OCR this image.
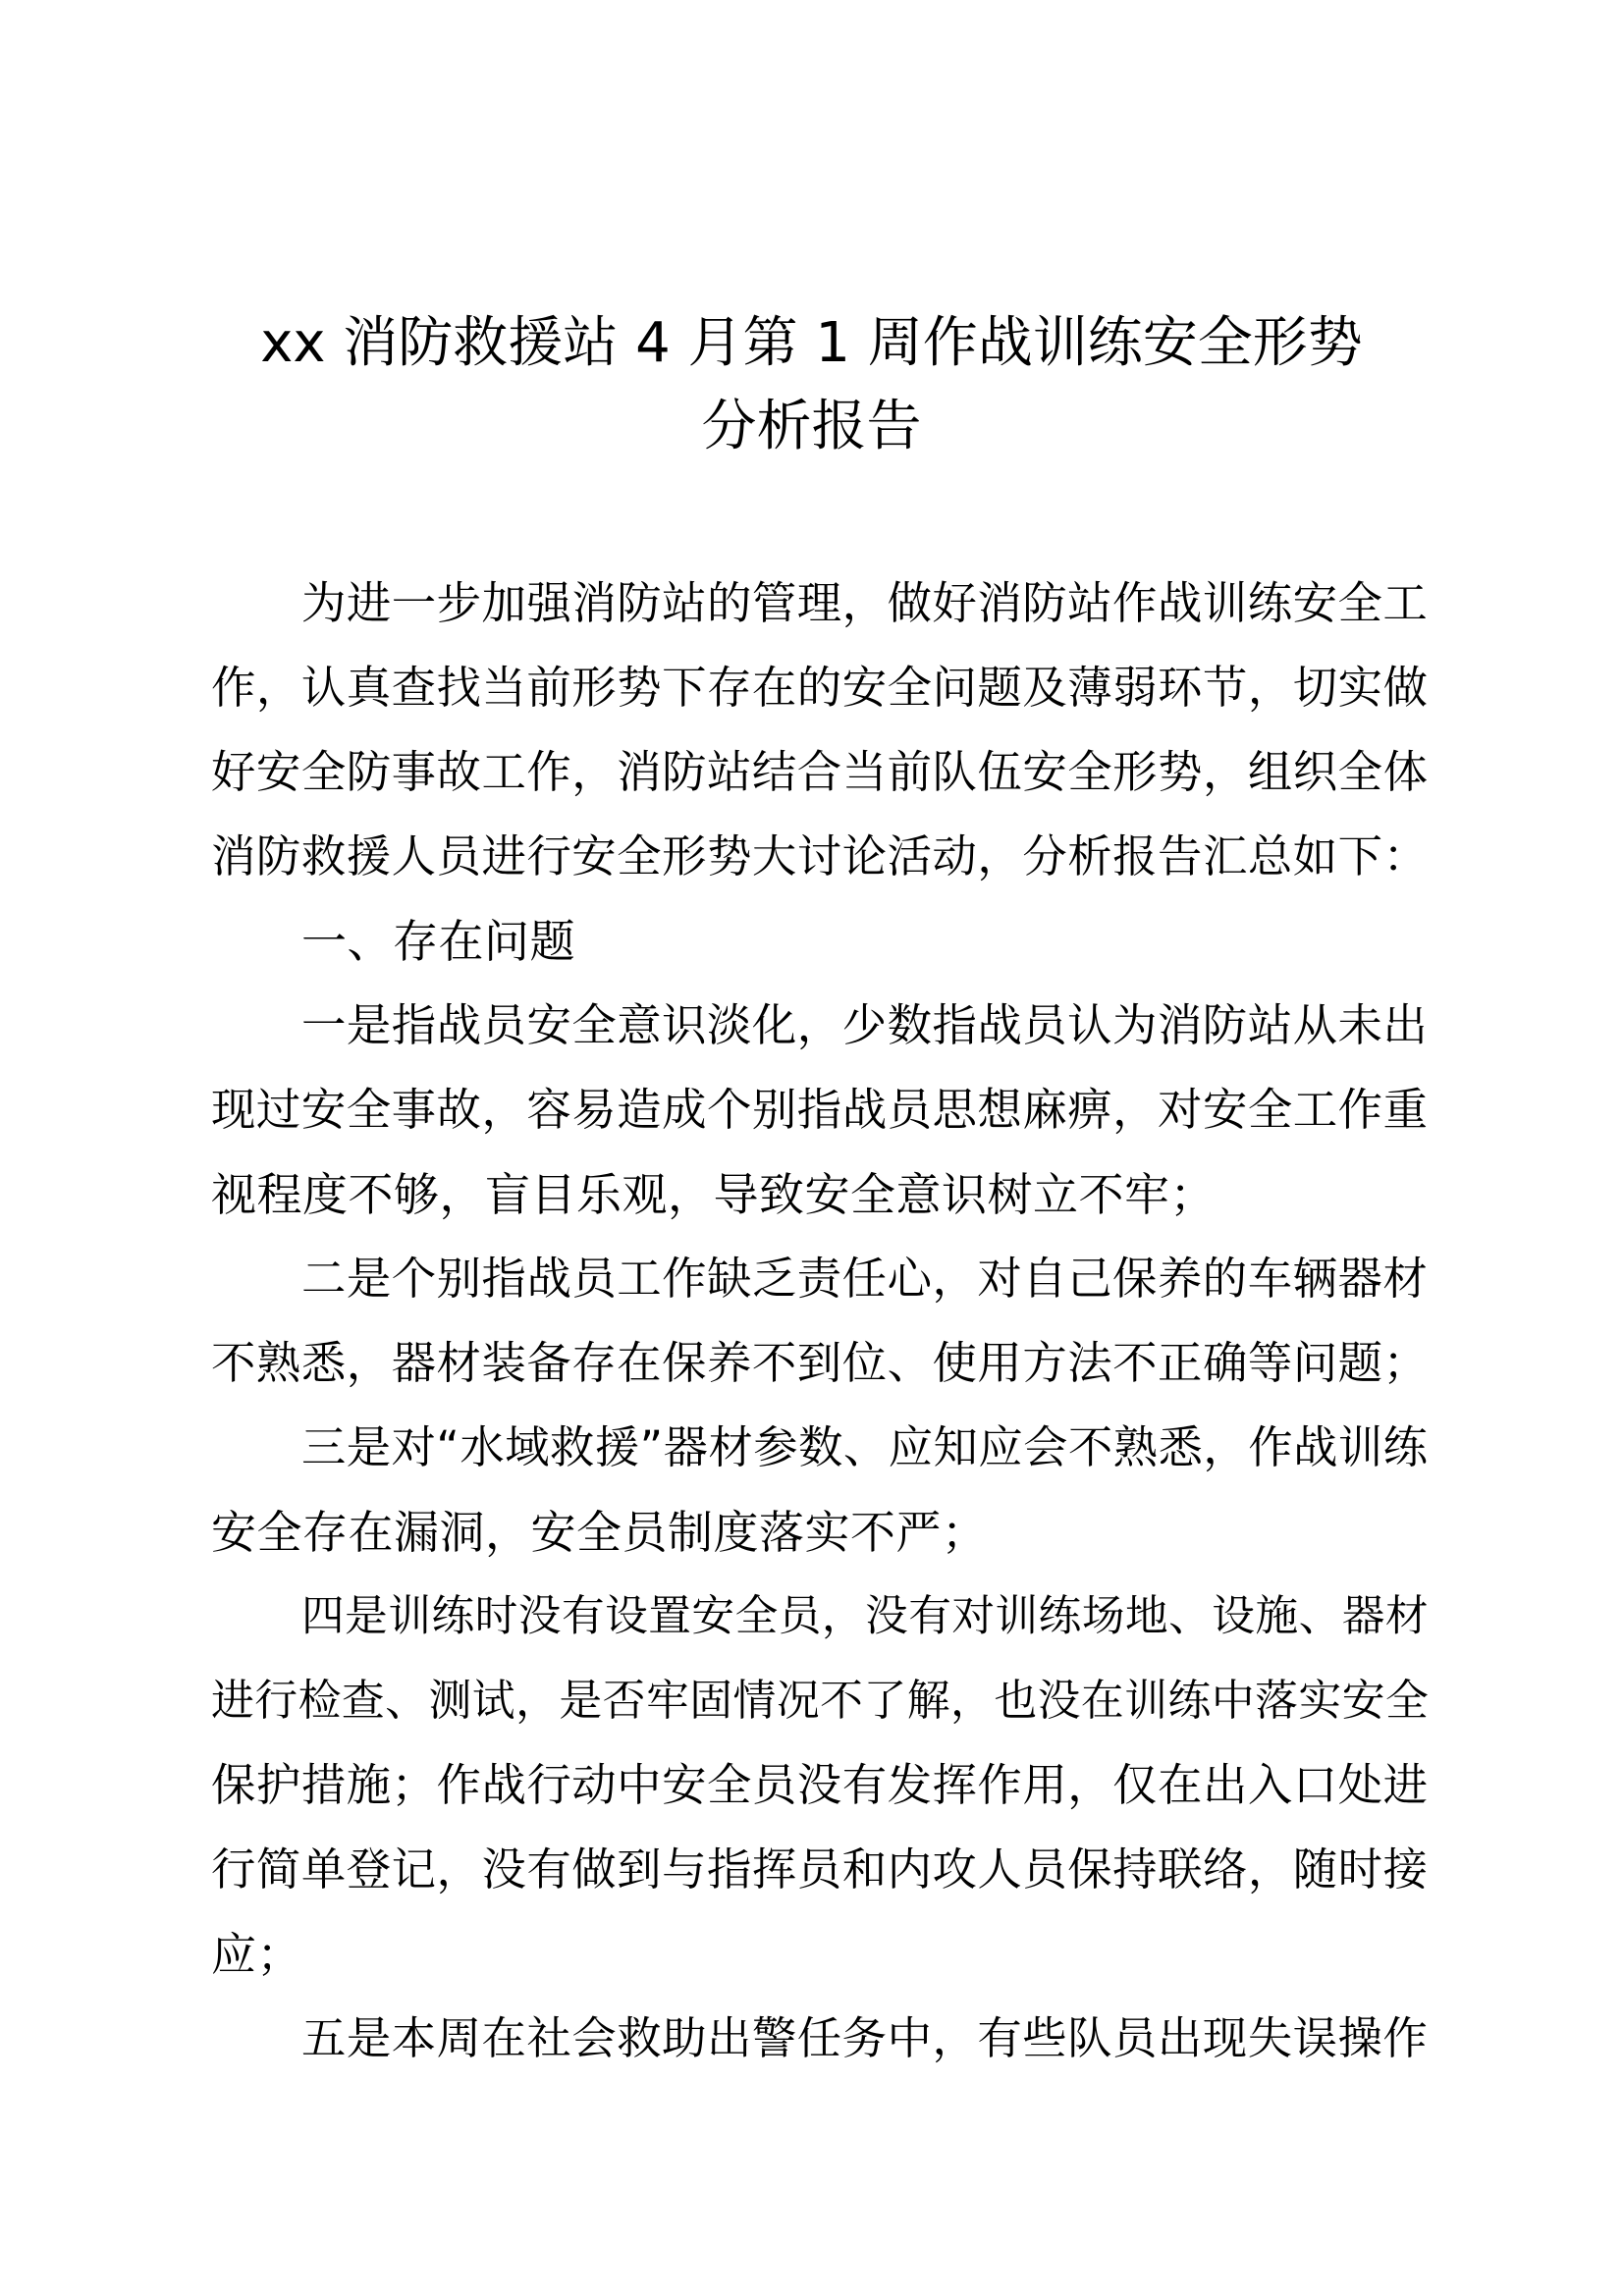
xx 消防救援站 4 月第 1 周作战训练安全形势
分析报告
为进一步加强消防站的管理，做好消防站作战训练安全工
作，认真查找当前形势下存在的安全问题及薄弱环节，切实做
好安全防事故工作，消防站结合当前队伍安全形势，组织全体
消防救援人员进行安全形势大讨论活动，分析报告汇总如下：
一、存在问题
一是指战员安全意识淡化，少数指战员认为消防站从未出
现过安全事故，容易造成个别指战员思想麻痹，对安全工作重
视程度不够，盲目乐观，导致安全意识树立不牢；
二是个别指战员工作缺乏责任心，对自己保养的车辆器材
不熟悉，器材装备存在保养不到位、使用方法不正确等问题；
三是对“水域救援”器材参数、应知应会不熟悉，作战训练
安全存在漏洞，安全员制度落实不严；
四是训练时没有设置安全员，没有对训练场地、设施、器材
进行检查、测试，是否牢固情况不了解，也没在训练中落实安全
保护措施；作战行动中安全员没有发挥作用，仅在出入口处进
行简单登记，没有做到与指挥员和内攻人员保持联络，随时接
应；
五是本周在社会救助出警任务中，有些队员出现失误操作
